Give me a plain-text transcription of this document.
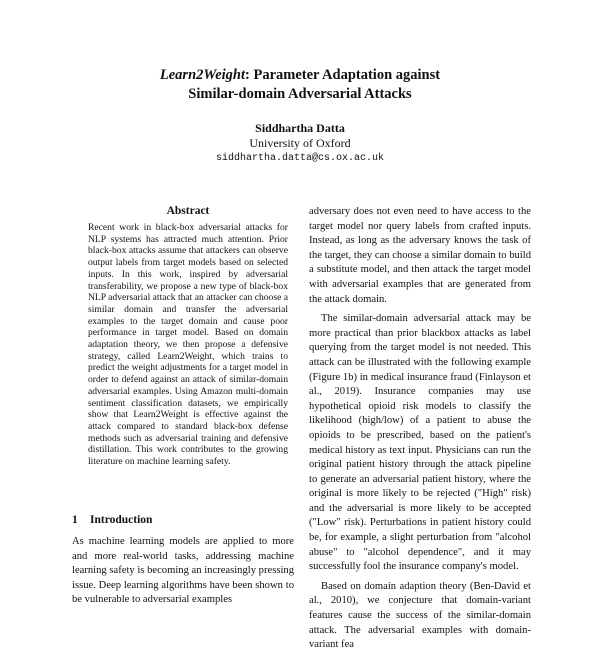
Learn2Weight: Parameter Adaptation against
Similar-domain Adversarial Attacks
Siddhartha Datta
University of Oxford
siddhartha.datta@cs.ox.ac.uk
Abstract
Recent work in black-box adversarial attacks for NLP systems has attracted much attention. Prior black-box attacks assume that attackers can observe output labels from target models based on selected inputs. In this work, inspired by adversarial transferability, we propose a new type of black-box NLP adversarial attack that an attacker can choose a similar domain and transfer the adversarial examples to the target domain and cause poor performance in target model. Based on domain adaptation theory, we then propose a defensive strategy, called Learn2Weight, which trains to predict the weight adjustments for a target model in order to defend against an attack of similar-domain adversarial examples. Using Amazon multi-domain sentiment classification datasets, we empirically show that Learn2Weight is effective against the attack compared to standard black-box defense methods such as adversarial training and defensive distillation. This work contributes to the growing literature on machine learning safety.
1 Introduction
As machine learning models are applied to more and more real-world tasks, addressing machine learning safety is becoming an increasingly pressing issue. Deep learning algorithms have been shown to be vulnerable to adversarial examples

adversary does not even need to have access to the target model nor query labels from crafted inputs. Instead, as long as the adversary knows the task of the target, they can choose a similar domain to build a substitute model, and then attack the target model with adversarial examples that are generated from the attack domain.

The similar-domain adversarial attack may be more practical than prior blackbox attacks as label querying from the target model is not needed. This attack can be illustrated with the following example (Figure 1b) in medical insurance fraud (Finlayson et al., 2019). Insurance companies may use hypothetical opioid risk models to classify the likelihood (high/low) of a patient to abuse the opioids to be prescribed, based on the patient's medical history as text input. Physicians can run the original patient history through the attack pipeline to generate an adversarial patient history, where the original is more likely to be rejected ("High" risk) and the adversarial is more likely to be accepted ("Low" risk). Perturbations in patient history could be, for example, a slight perturbation from "alcohol abuse" to "alcohol dependence", and it may successfully fool the insurance company's model.

Based on domain adaption theory (Ben-David et al., 2010), we conjecture that domain-variant features cause the success of the similar-domain attack. The adversarial examples with domain-variant fea
